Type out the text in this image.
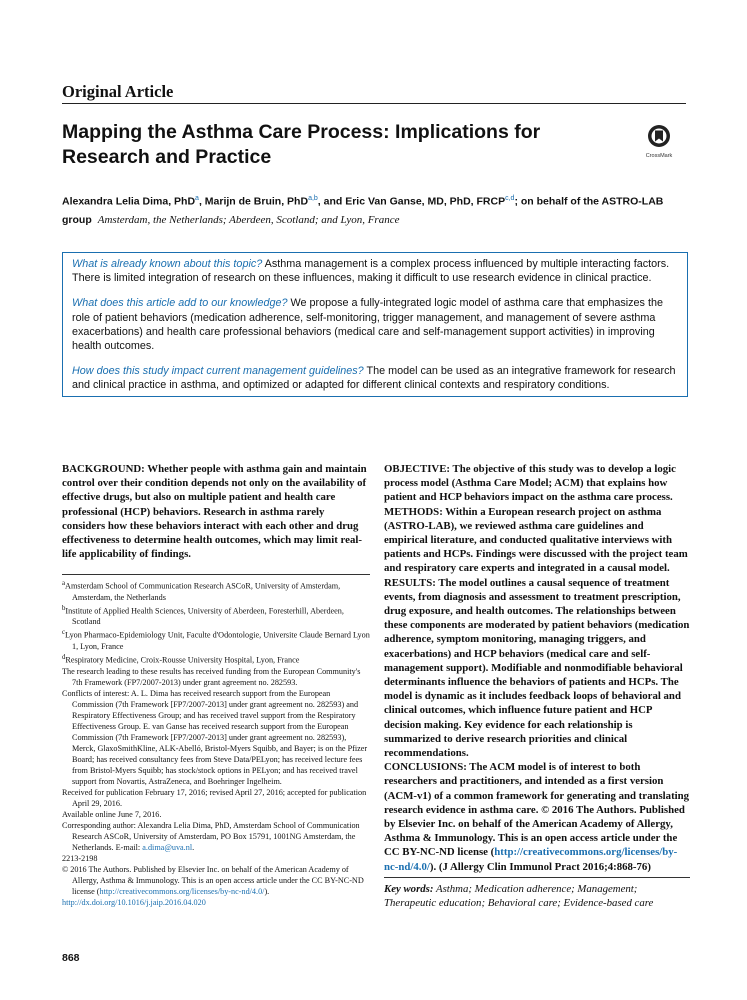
Original Article
Mapping the Asthma Care Process: Implications for Research and Practice	CrossMark
Alexandra Lelia Dima, PhD$^a$, Marijn de Bruin, PhD$^{a,b}$, and Eric Van Ganse, MD, PhD, FRCP$^{c,d}$; on behalf of the ASTRO-LAB group Amsterdam, the Netherlands; Aberdeen, Scotland; and Lyon, France

What is already known about this topic? Asthma management is a complex process influenced by multiple interacting factors. There is limited integration of research on these influences, making it difficult to use research evidence in clinical practice.

What does this article add to our knowledge? We propose a fully-integrated logic model of asthma care that emphasizes the role of patient behaviors (medication adherence, self-monitoring, trigger management, and management of severe asthma exacerbations) and health care professional behaviors (medical care and self-management support activities) in improving health outcomes.

How does this study impact current management guidelines? The model can be used as an integrative framework for research and clinical practice in asthma, and optimized or adapted for different clinical contexts and respiratory conditions.

BACKGROUND: Whether people with asthma gain and maintain control over their condition depends not only on the availability of effective drugs, but also on multiple patient and health care professional (HCP) behaviors. Research in asthma rarely considers how these behaviors interact with each other and drug effectiveness to determine health outcomes, which may limit real-life applicability of findings.

$^a$Amsterdam School of Communication Research ASCoR, University of Amsterdam, Amsterdam, the Netherlands

$^b$Institute of Applied Health Sciences, University of Aberdeen, Foresterhill, Aberdeen, Scotland

$^c$Lyon Pharmaco-Epidemiology Unit, Faculte d'Odontologie, Universite Claude Bernard Lyon 1, Lyon, France

$^d$Respiratory Medicine, Croix-Rousse University Hospital, Lyon, France

The research leading to these results has received funding from the European Community's 7th Framework (FP7/2007-2013) under grant agreement no. 282593.

Conflicts of interest: A. L. Dima has received research support from the European Commission (7th Framework [FP7/2007-2013] under grant agreement no. 282593) and Respiratory Effectiveness Group; and has received travel support from the Respiratory Effectiveness Group. E. van Ganse has received research support from the European Commission (7th Framework [FP7/2007-2013] under grant agreement no. 282593), Merck, GlaxoSmithKline, ALK-Abelló, Bristol-Myers Squibb, and Bayer; is on the Pfizer Board; has received consultancy fees from Steve Data/PELyon; has received lecture fees from Bristol-Myers Squibb; has stock/stock options in PELyon; and has received travel support from Novartis, AstraZeneca, and Boehringer Ingelheim.

Received for publication February 17, 2016; revised April 27, 2016; accepted for publication April 29, 2016.

Available online June 7, 2016.

Corresponding author: Alexandra Lelia Dima, PhD, Amsterdam School of Communication Research ASCoR, University of Amsterdam, PO Box 15791, 1001NG Amsterdam, the Netherlands. E-mail: a.dima@uva.nl.

2213-2198

© 2016 The Authors. Published by Elsevier Inc. on behalf of the American Academy of Allergy, Asthma & Immunology. This is an open access article under the CC BY-NC-ND license (http://creativecommons.org/licenses/by-nc-nd/4.0/).

http://dx.doi.org/10.1016/j.jaip.2016.04.020

OBJECTIVE: The objective of this study was to develop a logic process model (Asthma Care Model; ACM) that explains how patient and HCP behaviors impact on the asthma care process.

METHODS: Within a European research project on asthma (ASTRO-LAB), we reviewed asthma care guidelines and empirical literature, and conducted qualitative interviews with patients and HCPs. Findings were discussed with the project team and respiratory care experts and integrated in a causal model.

RESULTS: The model outlines a causal sequence of treatment events, from diagnosis and assessment to treatment prescription, drug exposure, and health outcomes. The relationships between these components are moderated by patient behaviors (medication adherence, symptom monitoring, managing triggers, and exacerbations) and HCP behaviors (medical care and self-management support). Modifiable and nonmodifiable behavioral determinants influence the behaviors of patients and HCPs. The model is dynamic as it includes feedback loops of behavioral and clinical outcomes, which influence future patient and HCP decision making. Key evidence for each relationship is summarized to derive research priorities and clinical recommendations.

CONCLUSIONS: The ACM model is of interest to both researchers and practitioners, and intended as a first version (ACM-v1) of a common framework for generating and translating research evidence in asthma care. © 2016 The Authors. Published by Elsevier Inc. on behalf of the American Academy of Allergy, Asthma & Immunology. This is an open access article under the CC BY-NC-ND license (http://creativecommons.org/licenses/by-nc-nd/4.0/). (J Allergy Clin Immunol Pract 2016;4:868-76)

Key words: Asthma; Medication adherence; Management; Therapeutic education; Behavioral care; Evidence-based care
868
